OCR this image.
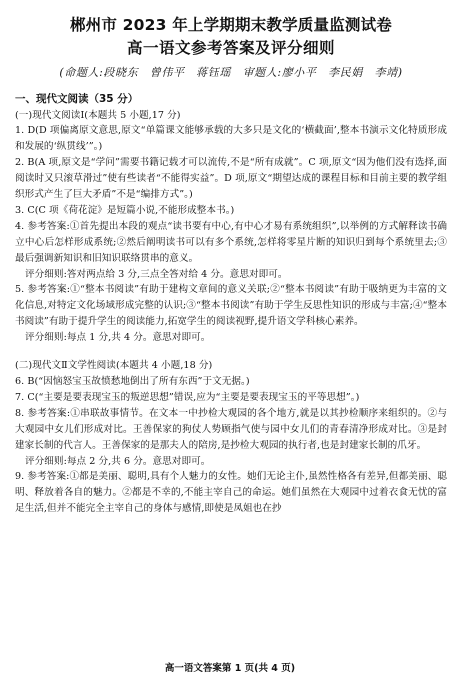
郴州市 2023 年上学期期末教学质量监测试卷
高一语文参考答案及评分细则
(命题人:段晓东　曾伟平　蒋钰瑶　审题人:廖小平　李民娟　李靖)
一、现代文阅读（35 分）

(一)现代文阅读Ⅰ(本题共 5 小题,17 分)

1. D(D 项偏离原文意思,原文“单篇课文能够承载的大多只是文化的‘横截面’,整本书演示文化特质形成和发展的‘纵贯线’”。)

2. B(A 项,原文是“学问”需要书籍记载才可以流传,不是“所有成就”。C 项,原文“因为他们没有选择,面阅读时又只滚草滑过”使有些读者“不能得实益”。D 项,原文“期望达成的课程目标和目前主要的教学组织形式产生了巨大矛盾”不是“编排方式”。)

3. C(C 项《荷花淀》是短篇小说,不能形成整本书。)

4. 参考答案:①首先提出本段的观点“读书要有中心,有中心才易有系统组织”,以举例的方式解释读书确立中心后怎样形成系统;②然后阐明读书可以有多个系统,怎样将零星片断的知识归到每个系统里去;③最后强调新知识和旧知识联络贯串的意义。

评分细则:答对两点给 3 分,三点全答对给 4 分。意思对即可。

5. 参考答案:①“整本书阅读”有助于建构文章间的意义关联;②“整本书阅读”有助于吸纳更为丰富的文化信息,对特定文化场域形成完整的认识;③“整本书阅读”有助于学生反思性知识的形成与丰富;④“整本书阅读”有助于提升学生的阅读能力,拓宽学生的阅读视野,提升语文学科核心素养。

评分细则:每点 1 分,共 4 分。意思对即可。

(二)现代文Ⅱ文学性阅读(本题共 4 小题,18 分)

6. B(“因恼怒宝玉故愤愁地倒出了所有东西”于文无据。)

7. C(“主要是要表现宝玉的叛逆思想”错误,应为“主要是要表现宝玉的平等思想”。)

8. 参考答案:①串联故事情节。在文本一中抄检大观园的各个地方,就是以其抄检顺序来组织的。②与大观园中女儿们形成对比。王善保家的狗仗人势顾指气使与园中女儿们的青春清净形成对比。③是封建家长制的代言人。王善保家的是那夫人的陪房,是抄检大观园的执行者,也是封建家长制的爪牙。

评分细则:每点 2 分,共 6 分。意思对即可。

9. 参考答案:①都是美丽、聪明,具有个人魅力的女性。她们无论主仆,虽然性格各有差异,但都美丽、聪明、释放着各自的魅力。②都是不幸的,不能主宰自己的命运。她们虽然在大观园中过着衣食无忧的富足生活,但并不能完全主宰自己的身体与感情,即使是凤姐也在抄

高一语文答案第 1 页(共 4 页)
